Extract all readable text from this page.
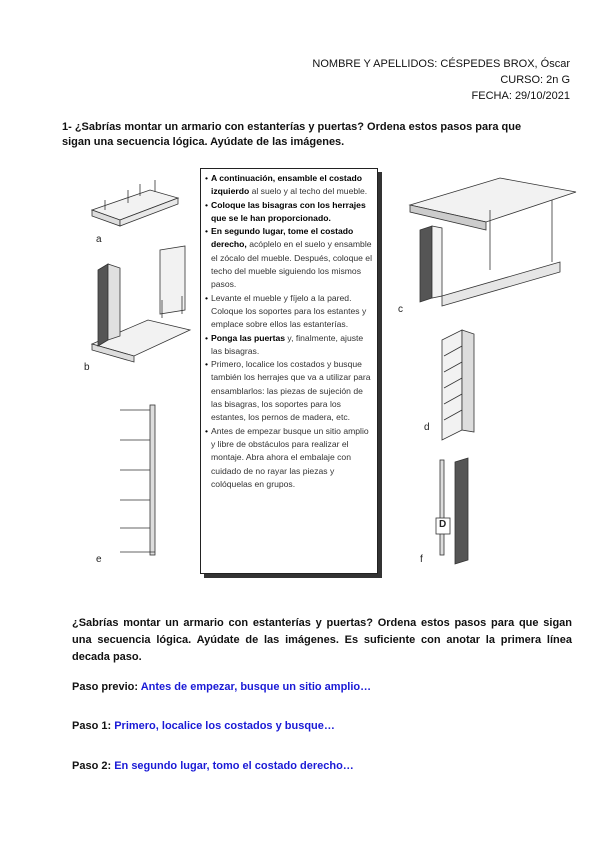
NOMBRE Y APELLIDOS: CÉSPEDES BROX, Óscar
CURSO: 2n G
FECHA: 29/10/2021
1- ¿Sabrías montar un armario con estanterías y puertas? Ordena estos pasos para que sigan una secuencia lógica. Ayúdate de las imágenes.
a
b
c
d
e	f
D
• A continuación, ensamble el costado izquierdo al suelo y al techo del mueble.
• Coloque las bisagras con los herrajes que se le han proporcionado.
• En segundo lugar, tome el costado derecho, acóplelo en el suelo y ensamble el zócalo del mueble. Después, coloque el techo del mueble siguiendo los mismos pasos.
• Levante el mueble y fíjelo a la pared. Coloque los soportes para los estantes y emplace sobre ellos las estanterías.
• Ponga las puertas y, finalmente, ajuste las bisagras.
• Primero, localice los costados y busque también los herrajes que va a utilizar para ensamblarlos: las piezas de sujeción de las bisagras, los soportes para los estantes, los pernos de madera, etc.
• Antes de empezar busque un sitio amplio y libre de obstáculos para realizar el montaje. Abra ahora el embalaje con cuidado de no rayar las piezas y colóquelas en grupos.
¿Sabrías montar un armario con estanterías y puertas? Ordena estos pasos para que sigan una secuencia lógica. Ayúdate de las imágenes. Es suficiente con anotar la primera línea decada paso.
Paso previo: Antes de empezar, busque un sitio amplio…
Paso 1: Primero, localice los costados y busque…
Paso 2: En segundo lugar, tomo el costado derecho…
